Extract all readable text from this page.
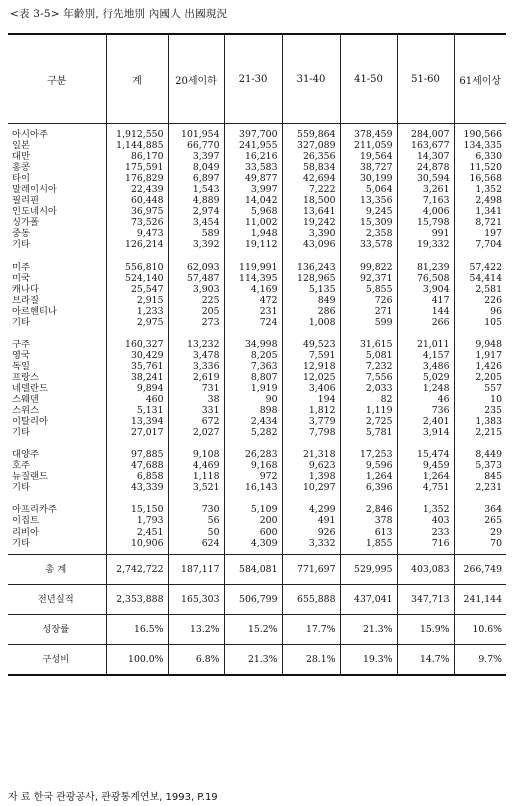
<表 3-5> 年齡別, 行先地別 內國人 出國現況
구분	계	20세이하	21-30	31-40	41-50	51-60	61세이상

아시아주	1,912,550	101,954	397,700	559,864	378,459	284,007	190,566
일본	1,144,885	66,770	241,955	327,089	211,059	163,677	134,335
대만	86,170	3,397	16,216	26,356	19,564	14,307	6,330
홍콩	175,591	8,049	33,583	58,834	38,727	24,878	11,520
타이	176,829	6,897	49,877	42,694	30,199	30,594	16,568
말레이시아	22,439	1,543	3,997	7,222	5,064	3,261	1,352
필리핀	60,448	4,889	14,042	18,500	13,356	7,163	2,498
인도네시아	36,975	2,974	5,968	13,641	9,245	4,006	1,341
싱가폴	73,526	3,454	11,002	19,242	15,309	15,798	8,721
중동	9,473	589	1,948	3,390	2,358	991	197
기타	126,214	3,392	19,112	43,096	33,578	19,332	7,704

미주	556,810	62,093	119,991	136,243	99,822	81,239	57,422
미국	524,140	57,487	114,395	128,965	92,371	76,508	54,414
캐나다	25,547	3,903	4,169	5,135	5,855	3,904	2,581
브라질	2,915	225	472	849	726	417	226
아르헨티나	1,233	205	231	286	271	144	96
기타	2,975	273	724	1,008	599	266	105

구주	160,327	13,232	34,998	49,523	31,615	21,011	9,948
영국	30,429	3,478	8,205	7,591	5,081	4,157	1,917
독일	35,761	3,336	7,363	12,918	7,232	3,486	1,426
프랑스	38,241	2,619	8,807	12,025	7,556	5,029	2,205
네델란드	9,894	731	1,919	3,406	2,033	1,248	557
스웨덴	460	38	90	194	82	46	10
스위스	5,131	331	898	1,812	1,119	736	235
이탈리아	13,394	672	2,434	3,779	2,725	2,401	1,383
기타	27,017	2,027	5,282	7,798	5,781	3,914	2,215

대양주	97,885	9,108	26,283	21,318	17,253	15,474	8,449
호주	47,688	4,469	9,168	9,623	9,596	9,459	5,373
뉴질랜드	6,858	1,118	972	1,398	1,264	1,264	845
기타	43,339	3,521	16,143	10,297	6,396	4,751	2,231

아프리카주	15,150	730	5,109	4,299	2,846	1,352	364
이집트	1,793	56	200	491	378	403	265
리비아	2,451	50	600	926	613	233	29
기타	10,906	624	4,309	3,332	1,855	716	70

총 계	2,742,722	187,117	584,081	771,697	529,995	403,083	266,749
전년실적	2,353,888	165,303	506,799	655,888	437,041	347,713	241,144
성장률	16.5%	13.2%	15.2%	17.7%	21.3%	15.9%	10.6%
구성비	100.0%	6.8%	21.3%	28.1%	19.3%	14.7%	9.7%
자 료 한국 관광공사, 관광통계연보, 1993, P.19
